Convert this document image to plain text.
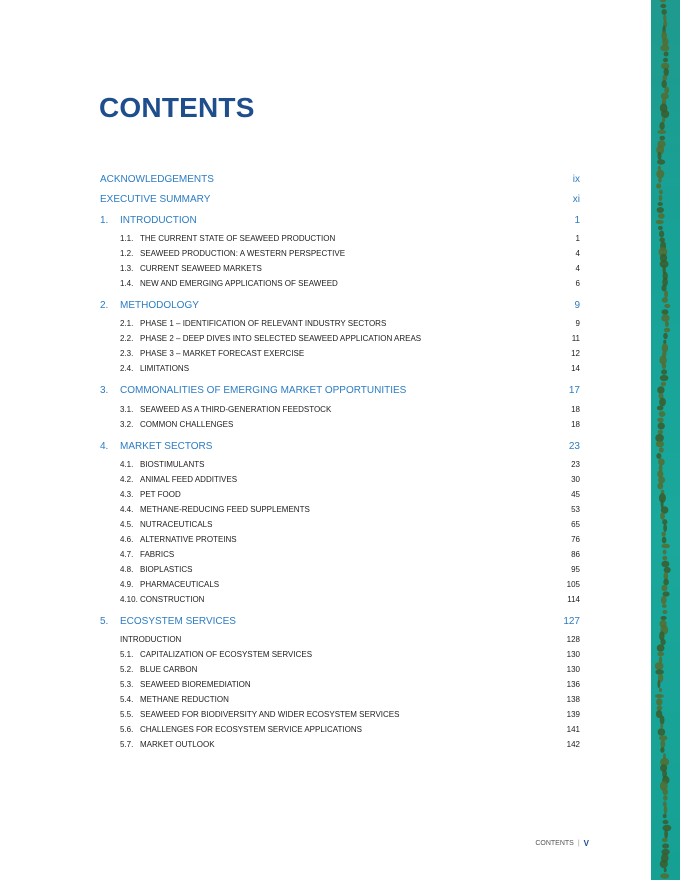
CONTENTS
ACKNOWLEDGEMENTS	ix
EXECUTIVE SUMMARY	xi
1.	INTRODUCTION	1
1.1. THE CURRENT STATE OF SEAWEED PRODUCTION	1
1.2. SEAWEED PRODUCTION: A WESTERN PERSPECTIVE	4
1.3. CURRENT SEAWEED MARKETS	4
1.4. NEW AND EMERGING APPLICATIONS OF SEAWEED	6
2.	METHODOLOGY	9
2.1. PHASE 1 – IDENTIFICATION OF RELEVANT INDUSTRY SECTORS	9
2.2. PHASE 2 – DEEP DIVES INTO SELECTED SEAWEED APPLICATION AREAS	11
2.3. PHASE 3 – MARKET FORECAST EXERCISE	12
2.4. LIMITATIONS	14
3.	COMMONALITIES OF EMERGING MARKET OPPORTUNITIES	17
3.1. SEAWEED AS A THIRD-GENERATION FEEDSTOCK	18
3.2. COMMON CHALLENGES	18
4.	MARKET SECTORS	23
4.1. BIOSTIMULANTS	23
4.2. ANIMAL FEED ADDITIVES	30
4.3. PET FOOD	45
4.4. METHANE-REDUCING FEED SUPPLEMENTS	53
4.5. NUTRACEUTICALS	65
4.6. ALTERNATIVE PROTEINS	76
4.7. FABRICS	86
4.8. BIOPLASTICS	95
4.9. PHARMACEUTICALS	105
4.10. CONSTRUCTION	114
5.	ECOSYSTEM SERVICES	127
INTRODUCTION	128
5.1. CAPITALIZATION OF ECOSYSTEM SERVICES	130
5.2. BLUE CARBON	130
5.3. SEAWEED BIOREMEDIATION	136
5.4. METHANE REDUCTION	138
5.5. SEAWEED FOR BIODIVERSITY AND WIDER ECOSYSTEM SERVICES	139
5.6. CHALLENGES FOR ECOSYSTEM SERVICE APPLICATIONS	141
5.7. MARKET OUTLOOK	142
CONTENTS | V
